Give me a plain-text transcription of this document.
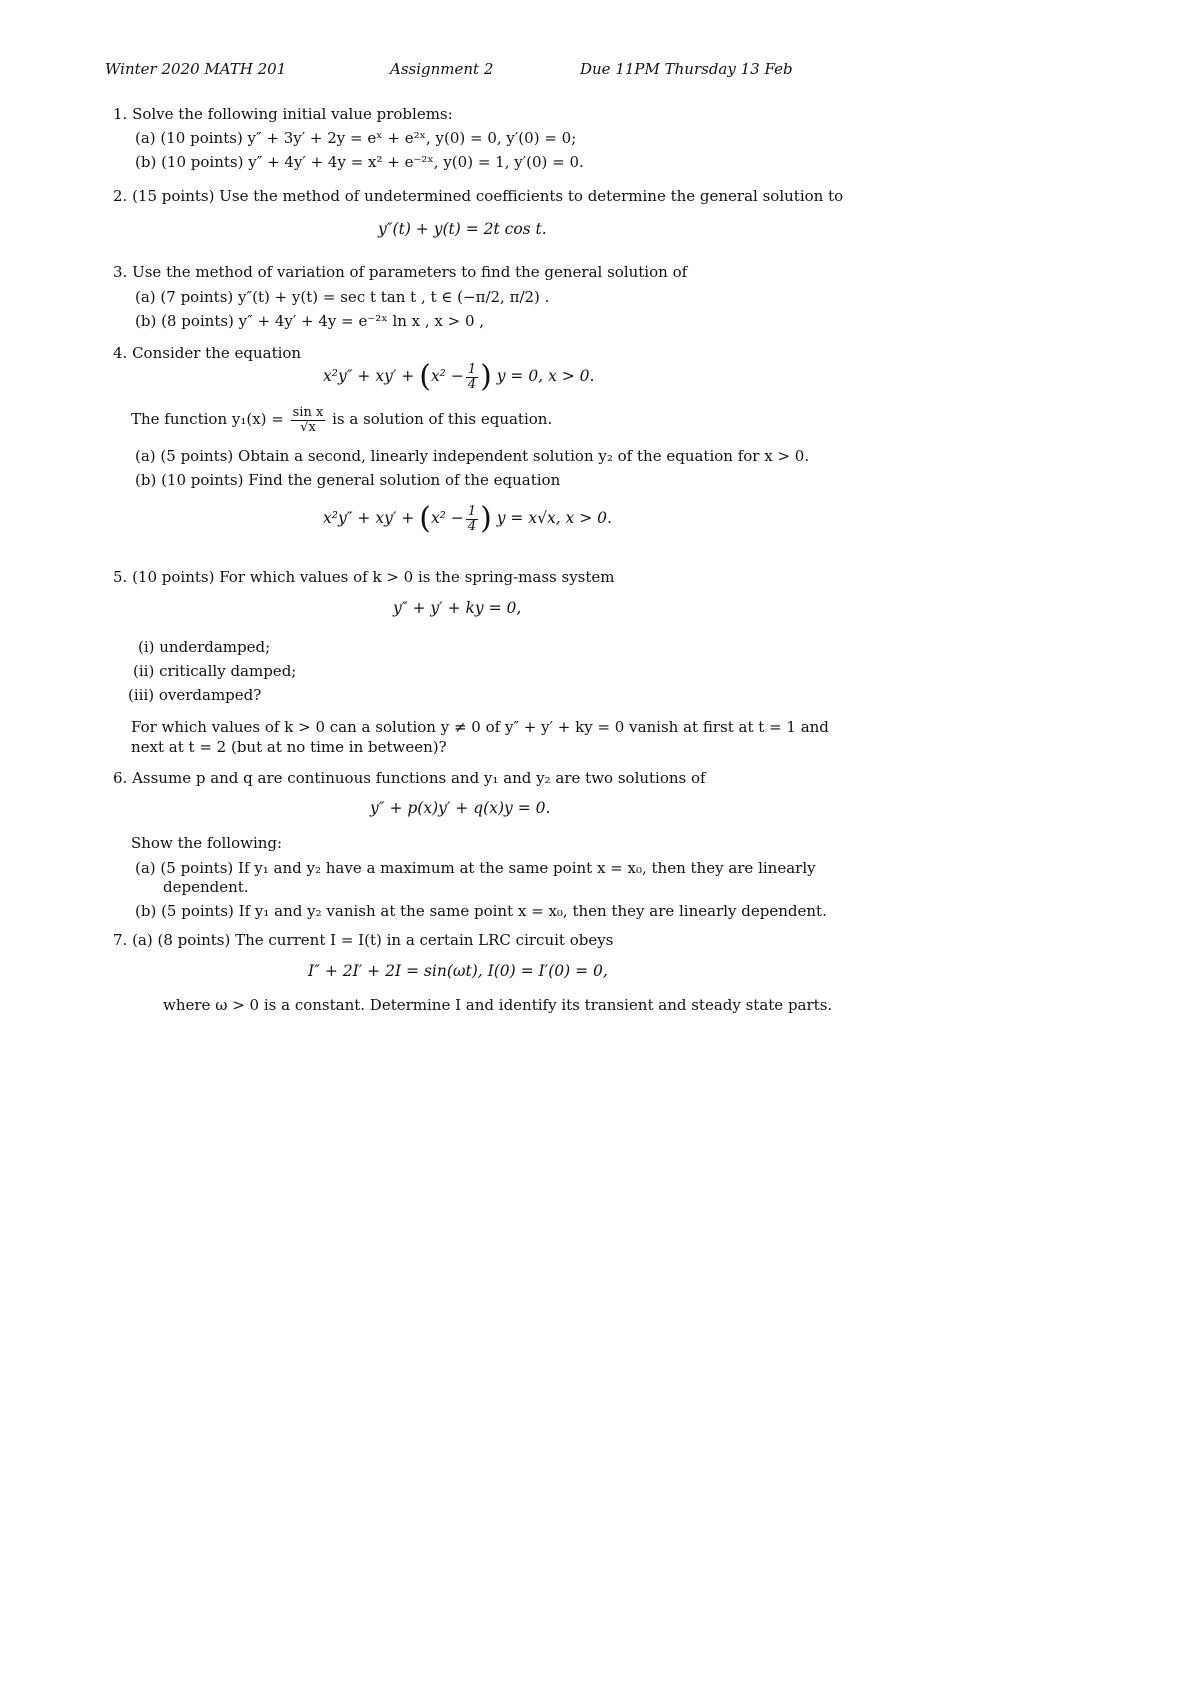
Winter 2020 MATH 201	Assignment 2	Due 11PM Thursday 13 Feb
1. Solve the following initial value problems:
(a) (10 points) y″ + 3y′ + 2y = eˣ + e²ˣ, y(0) = 0, y′(0) = 0;
(b) (10 points) y″ + 4y′ + 4y = x² + e⁻²ˣ, y(0) = 1, y′(0) = 0.
2. (15 points) Use the method of undetermined coefficients to determine the general solution to
y″(t) + y(t) = 2t cos t.
3. Use the method of variation of parameters to find the general solution of
(a) (7 points) y″(t) + y(t) = sec t tan t , t ∈ (−π/2, π/2) .
(b) (8 points) y″ + 4y′ + 4y = e⁻²ˣ ln x , x > 0 ,
4. Consider the equation
$x^2y'' + xy' + (x^2 - \frac{1}{4}$ ) y = 0, x > 0.
The function $y_1(x) = \frac{\text{sin x}}{√x}$ is a solution of this equation.
(a) (5 points) Obtain a second, linearly independent solution y₂ of the equation for x > 0.
(b) (10 points) Find the general solution of the equation
$x^2y'' + xy' + (x^2 - \frac{1}{4}$ ) y = x√x, x > 0.
5. (10 points) For which values of k > 0 is the spring-mass system
y″ + y′ + ky = 0,
(i) underdamped;
(ii) critically damped;
(iii) overdamped?
For which values of k > 0 can a solution y ≠ 0 of y″ + y′ + ky = 0 vanish at first at t = 1 and
next at t = 2 (but at no time in between)?
6. Assume p and q are continuous functions and y₁ and y₂ are two solutions of
y″ + p(x)y′ + q(x)y = 0.
Show the following:
(a) (5 points) If y₁ and y₂ have a maximum at the same point x = x₀, then they are linearly
dependent.
(b) (5 points) If y₁ and y₂ vanish at the same point x = x₀, then they are linearly dependent.
7. (a) (8 points) The current I = I(t) in a certain LRC circuit obeys
I″ + 2I′ + 2I = sin(ωt), I(0) = I′(0) = 0,
where ω > 0 is a constant. Determine I and identify its transient and steady state parts.
